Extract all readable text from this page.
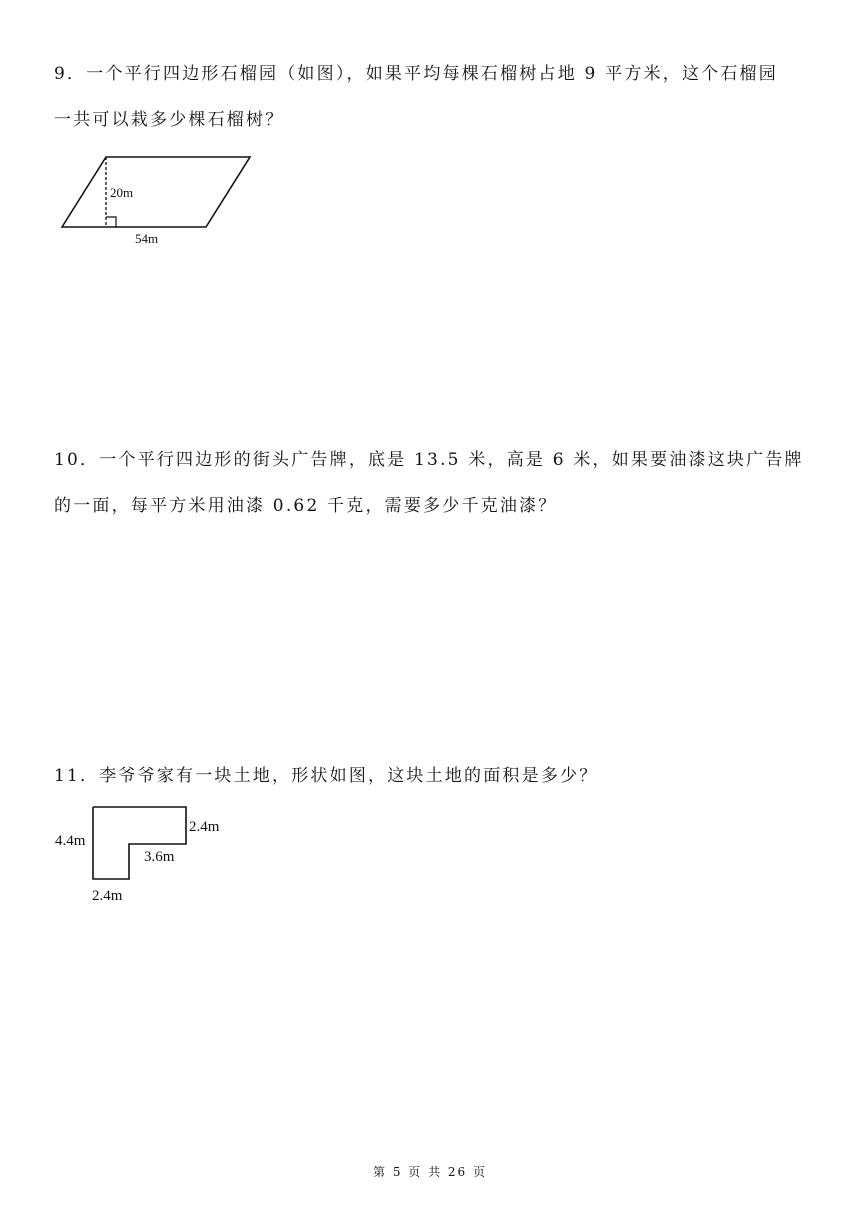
9．一个平行四边形石榴园（如图），如果平均每棵石榴树占地 9 平方米，这个石榴园
一共可以栽多少棵石榴树？
20m
54m
10．一个平行四边形的街头广告牌，底是 13.5 米，高是 6 米，如果要油漆这块广告牌
的一面，每平方米用油漆 0.62 千克，需要多少千克油漆？
11．李爷爷家有一块土地，形状如图，这块土地的面积是多少？
4.4m
2.4m
3.6m
2.4m
第 5 页 共 26 页
